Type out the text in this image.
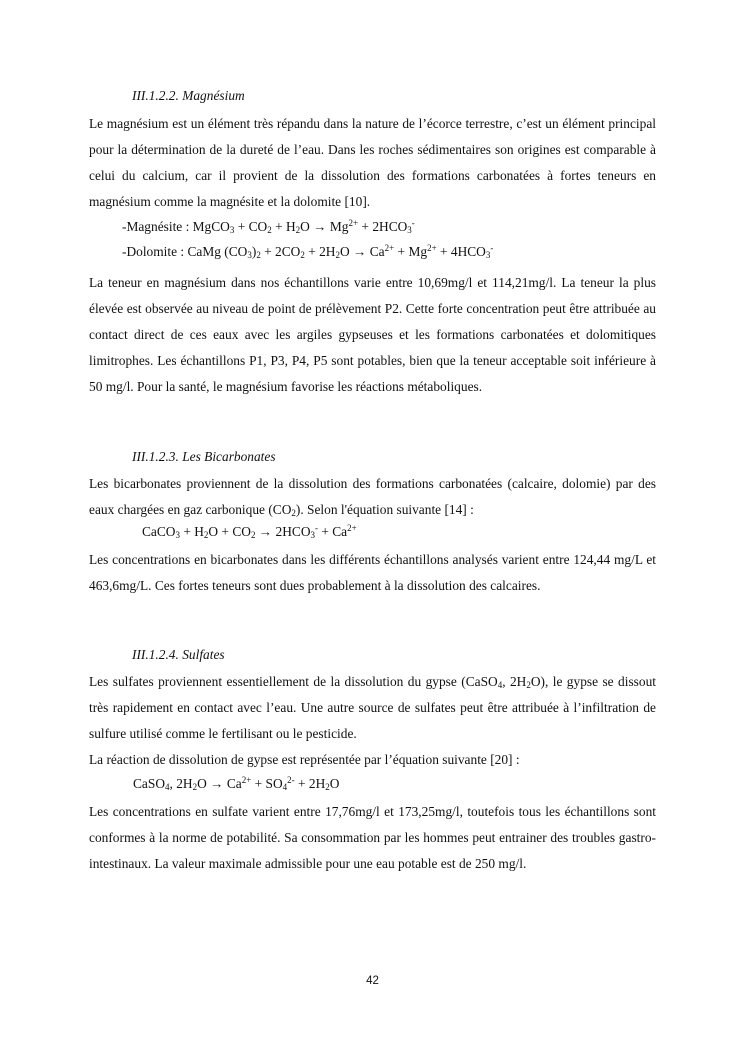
III.1.2.2. Magnésium

Le magnésium est un élément très répandu dans la nature de l’écorce terrestre, c’est un élément principal pour la détermination de la dureté de l’eau. Dans les roches sédimentaires son origines est comparable à celui du calcium, car il provient de la dissolution des formations carbonatées à fortes teneurs en magnésium comme la magnésite et la dolomite [10].

-Magnésite : MgCO$_3$ + $CO_2 + H_2O \to Mg^{2+} + 2HCO_3^-$
-Dolomite : CaMg $(CO_3)_2 + 2CO_2 + 2H_2O \to Ca^{2+} + Mg^{2+} + 4HCO_3^-$

La teneur en magnésium dans nos échantillons varie entre 10,69mg/l et 114,21mg/l. La teneur la plus élevée est observée au niveau de point de prélèvement P2. Cette forte concentration peut être attribuée au contact direct de ces eaux avec les argiles gypseuses et les formations carbonatées et dolomitiques limitrophes. Les échantillons P1, P3, P4, P5 sont potables, bien que la teneur acceptable soit inférieure à 50 mg/l. Pour la santé, le magnésium favorise les réactions métaboliques.

III.1.2.3. Les Bicarbonates

Les bicarbonates proviennent de la dissolution des formations carbonatées (calcaire, dolomie) par des eaux chargées en gaz carbonique $(CO_2)$. Selon l'équation suivante [14] :

CaCO$_3$ + $H_2O + CO_2 \to 2HCO_3^- + Ca^{2+}$

Les concentrations en bicarbonates dans les différents échantillons analysés varient entre 124,44 mg/L et 463,6mg/L. Ces fortes teneurs sont dues probablement à la dissolution des calcaires.

III.1.2.4. Sulfates

Les sulfates proviennent essentiellement de la dissolution du gypse (CaSO$_4$, $2H_2O$), le gypse se dissout très rapidement en contact avec l’eau. Une autre source de sulfates peut être attribuée à l’infiltration de sulfure utilisé comme le fertilisant ou le pesticide.

La réaction de dissolution de gypse est représentée par l’équation suivante [20] :

CaSO$_4$, $2H_2O \to Ca^{2+} + SO_4^{2-} + 2H_2O$

Les concentrations en sulfate varient entre 17,76mg/l et 173,25mg/l, toutefois tous les échantillons sont conformes à la norme de potabilité. Sa consommation par les hommes peut entrainer des troubles gastro-intestinaux. La valeur maximale admissible pour une eau potable est de 250 mg/l.

42
